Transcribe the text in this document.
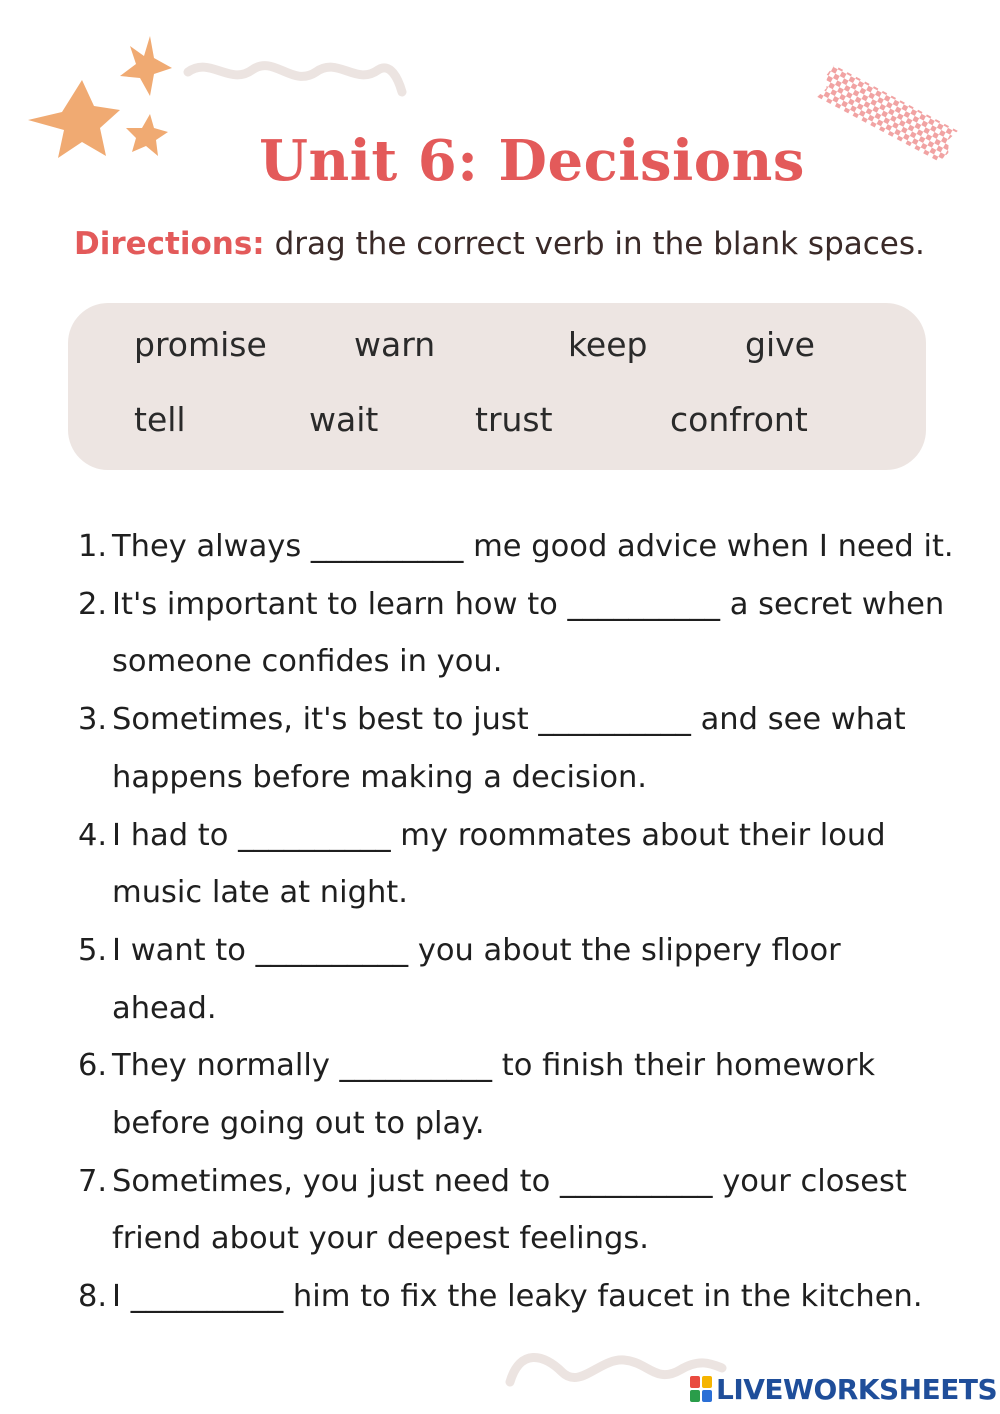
Unit 6: Decisions
Directions: drag the correct verb in the blank spaces.
promise	warn	keep	give
tell	wait	trust	confront
1. They always __________ me good advice when I need it.
2. It's important to learn how to __________ a secret when
someone confides in you.
3. Sometimes, it's best to just __________ and see what
happens before making a decision.
4. I had to __________ my roommates about their loud
music late at night.
5. I want to __________ you about the slippery floor
ahead.
6. They normally __________ to finish their homework
before going out to play.
7. Sometimes, you just need to __________ your closest
friend about your deepest feelings.
8. I __________ him to fix the leaky faucet in the kitchen.
LIVEWORKSHEETS
